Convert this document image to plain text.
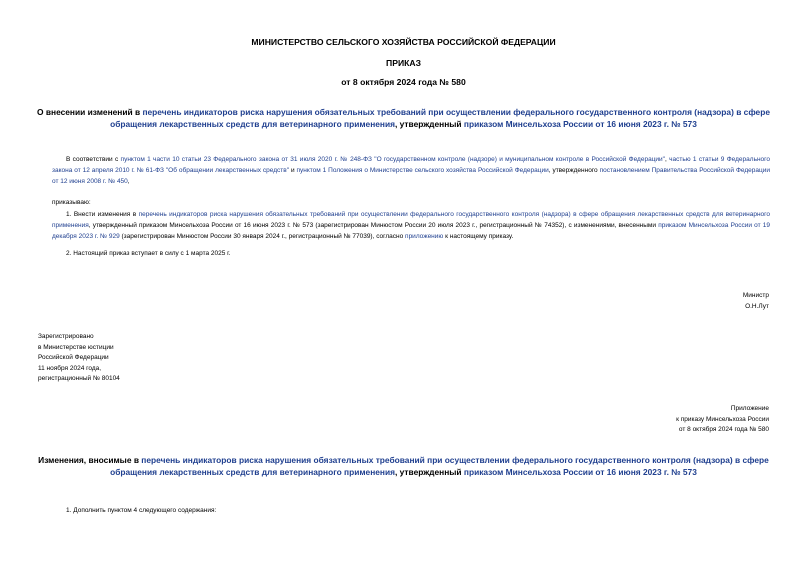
МИНИСТЕРСТВО СЕЛЬСКОГО ХОЗЯЙСТВА РОССИЙСКОЙ ФЕДЕРАЦИИ
ПРИКАЗ
от 8 октября 2024 года № 580
О внесении изменений в перечень индикаторов риска нарушения обязательных требований при осуществлении федерального государственного контроля (надзора) в сфере обращения лекарственных средств для ветеринарного применения, утвержденный приказом Минсельхоза России от 16 июня 2023 г. № 573
В соответствии с пунктом 1 части 10 статьи 23 Федерального закона от 31 июля 2020 г. № 248-ФЗ "О государственном контроле (надзоре) и муниципальном контроле в Российской Федерации", частью 1 статьи 9 Федерального закона от 12 апреля 2010 г. № 61-ФЗ "Об обращении лекарственных средств" и пунктом 1 Положения о Министерстве сельского хозяйства Российской Федерации, утвержденного постановлением Правительства Российской Федерации от 12 июня 2008 г. № 450,
приказываю:
1. Внести изменения в перечень индикаторов риска нарушения обязательных требований при осуществлении федерального государственного контроля (надзора) в сфере обращения лекарственных средств для ветеринарного применения, утвержденный приказом Минсельхоза России от 16 июня 2023 г. № 573 (зарегистрирован Минюстом России 20 июля 2023 г., регистрационный № 74352), с изменениями, внесенными приказом Минсельхоза России от 19 декабря 2023 г. № 929 (зарегистрирован Минюстом России 30 января 2024 г., регистрационный № 77039), согласно приложению к настоящему приказу.
2. Настоящий приказ вступает в силу с 1 марта 2025 г.
Министр
О.Н.Лут
Зарегистрировано
в Министерстве юстиции
Российской Федерации
11 ноября 2024 года,
регистрационный № 80104
Приложение
к приказу Минсельхоза России
от 8 октября 2024 года № 580
Изменения, вносимые в перечень индикаторов риска нарушения обязательных требований при осуществлении федерального государственного контроля (надзора) в сфере обращения лекарственных средств для ветеринарного применения, утвержденный приказом Минсельхоза России от 16 июня 2023 г. № 573
1. Дополнить пунктом 4 следующего содержания:
